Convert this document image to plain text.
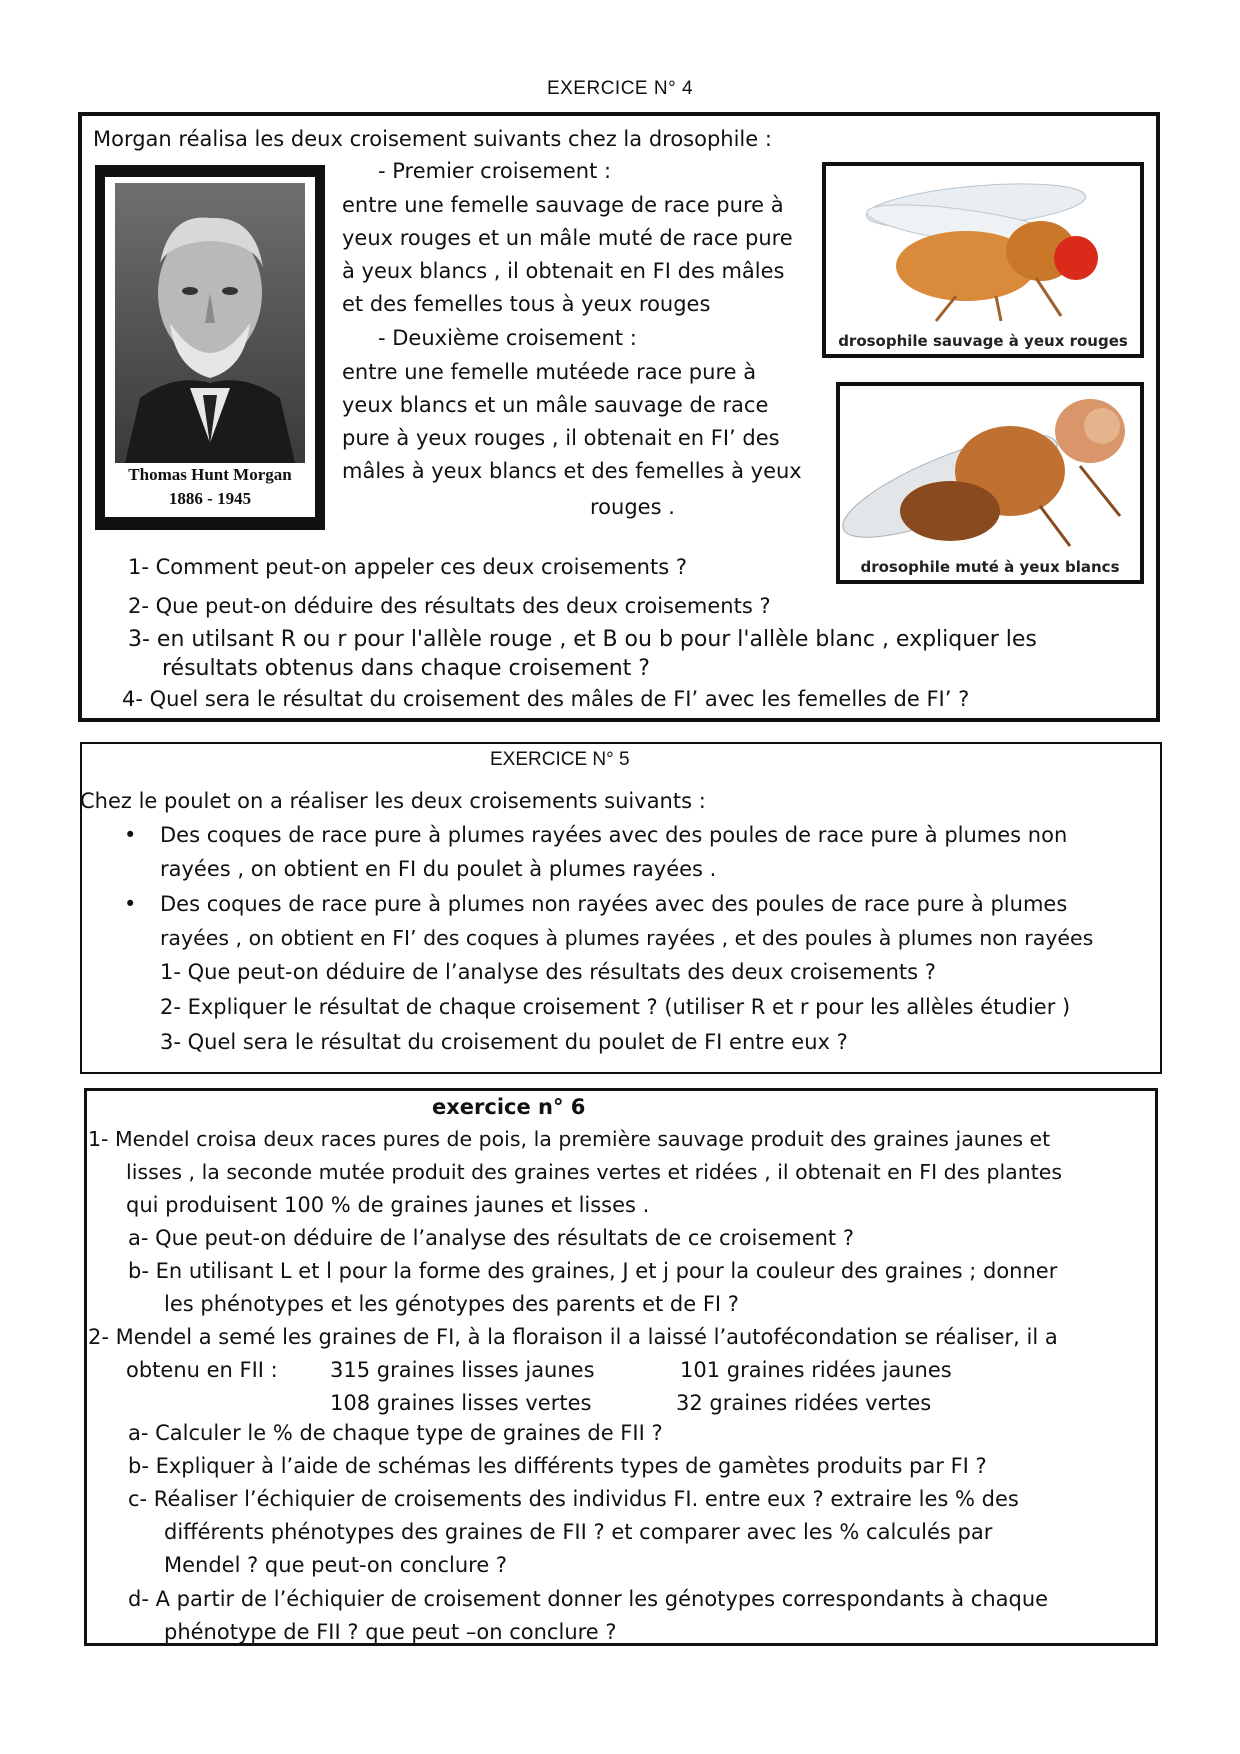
EXERCICE N° 4
Morgan réalisa les deux croisement suivants chez la drosophile :
Thomas Hunt Morgan
1886 - 1945
- Premier croisement :
entre une femelle sauvage de race pure à
yeux rouges et un mâle muté de race pure
à yeux blancs , il obtenait en FI des mâles
et des femelles tous à yeux rouges
- Deuxième croisement :
entre une femelle mutéede race pure à
yeux blancs et un mâle sauvage de race
pure à yeux rouges , il obtenait en FI’ des
mâles à yeux blancs et des femelles à yeux
rouges .
drosophile sauvage à yeux rouges
drosophile muté à yeux blancs
1- Comment peut-on appeler ces deux croisements ?
2- Que peut-on déduire des résultats des deux croisements ?
3- en utilsant R ou r pour l'allèle rouge , et B ou b pour l'allèle blanc , expliquer les
résultats obtenus dans chaque croisement ?
4- Quel sera le résultat du croisement des mâles de FI’ avec les femelles de FI’ ?
EXERCICE N° 5
Chez le poulet on a réaliser les deux croisements suivants :
• Des coques de race pure à plumes rayées avec des poules de race pure à plumes non
rayées , on obtient en FI du poulet à plumes rayées .
• Des coques de race pure à plumes non rayées avec des poules de race pure à plumes
rayées , on obtient en FI’ des coques à plumes rayées , et des poules à plumes non rayées
1- Que peut-on déduire de l’analyse des résultats des deux croisements ?
2- Expliquer le résultat de chaque croisement ? (utiliser R et r pour les allèles étudier )
3- Quel sera le résultat du croisement du poulet de FI entre eux ?
exercice n° 6
1- Mendel croisa deux races pures de pois, la première sauvage produit des graines jaunes et
lisses , la seconde mutée produit des graines vertes et ridées , il obtenait en FI des plantes
qui produisent 100 % de graines jaunes et lisses .
a- Que peut-on déduire de l’analyse des résultats de ce croisement ?
b- En utilisant L et l pour la forme des graines, J et j pour la couleur des graines ; donner
les phénotypes et les génotypes des parents et de FI ?
2- Mendel a semé les graines de FI, à la floraison il a laissé l’autofécondation se réaliser, il a
obtenu en FII : 315 graines lisses jaunes	101 graines ridées jaunes
108 graines lisses vertes	32 graines ridées vertes
a- Calculer le % de chaque type de graines de FII ?
b- Expliquer à l’aide de schémas les différents types de gamètes produits par FI ?
c- Réaliser l’échiquier de croisements des individus FI. entre eux ? extraire les % des
différents phénotypes des graines de FII ? et comparer avec les % calculés par
Mendel ? que peut-on conclure ?
d- A partir de l’échiquier de croisement donner les génotypes correspondants à chaque
phénotype de FII ? que peut –on conclure ?
